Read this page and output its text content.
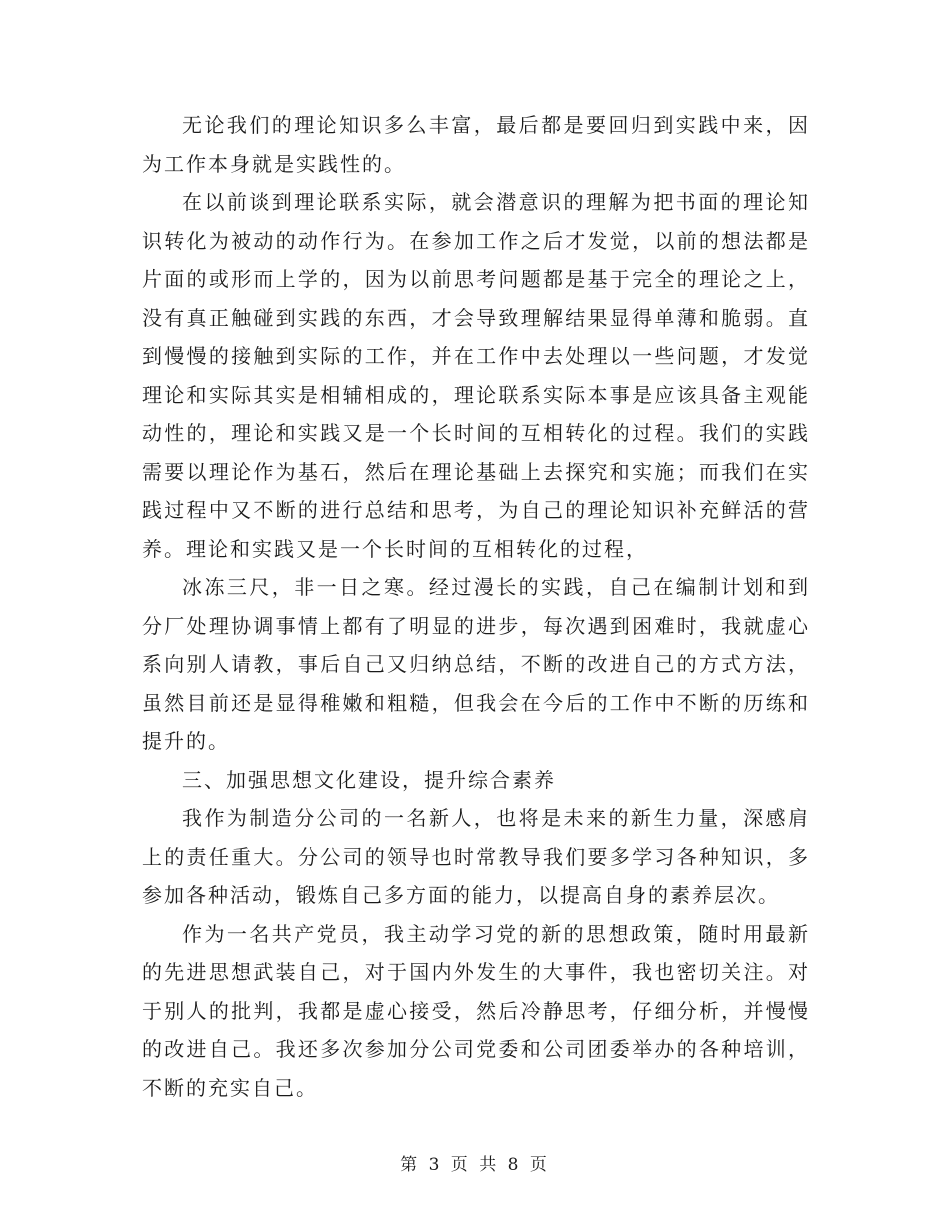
无论我们的理论知识多么丰富，最后都是要回归到实践中来，因为工作本身就是实践性的。

在以前谈到理论联系实际，就会潜意识的理解为把书面的理论知识转化为被动的动作行为。在参加工作之后才发觉，以前的想法都是片面的或形而上学的，因为以前思考问题都是基于完全的理论之上，没有真正触碰到实践的东西，才会导致理解结果显得单薄和脆弱。直到慢慢的接触到实际的工作，并在工作中去处理以一些问题，才发觉理论和实际其实是相辅相成的，理论联系实际本事是应该具备主观能动性的，理论和实践又是一个长时间的互相转化的过程。我们的实践需要以理论作为基石，然后在理论基础上去探究和实施；而我们在实践过程中又不断的进行总结和思考，为自己的理论知识补充鲜活的营养。理论和实践又是一个长时间的互相转化的过程，

冰冻三尺，非一日之寒。经过漫长的实践，自己在编制计划和到分厂处理协调事情上都有了明显的进步，每次遇到困难时，我就虚心系向别人请教，事后自己又归纳总结，不断的改进自己的方式方法，虽然目前还是显得稚嫩和粗糙，但我会在今后的工作中不断的历练和提升的。

三、加强思想文化建设，提升综合素养

我作为制造分公司的一名新人，也将是未来的新生力量，深感肩上的责任重大。分公司的领导也时常教导我们要多学习各种知识，多参加各种活动，锻炼自己多方面的能力，以提高自身的素养层次。

作为一名共产党员，我主动学习党的新的思想政策，随时用最新的先进思想武装自己，对于国内外发生的大事件，我也密切关注。对于别人的批判，我都是虚心接受，然后冷静思考，仔细分析，并慢慢的改进自己。我还多次参加分公司党委和公司团委举办的各种培训，不断的充实自己。

第 3 页 共 8 页
